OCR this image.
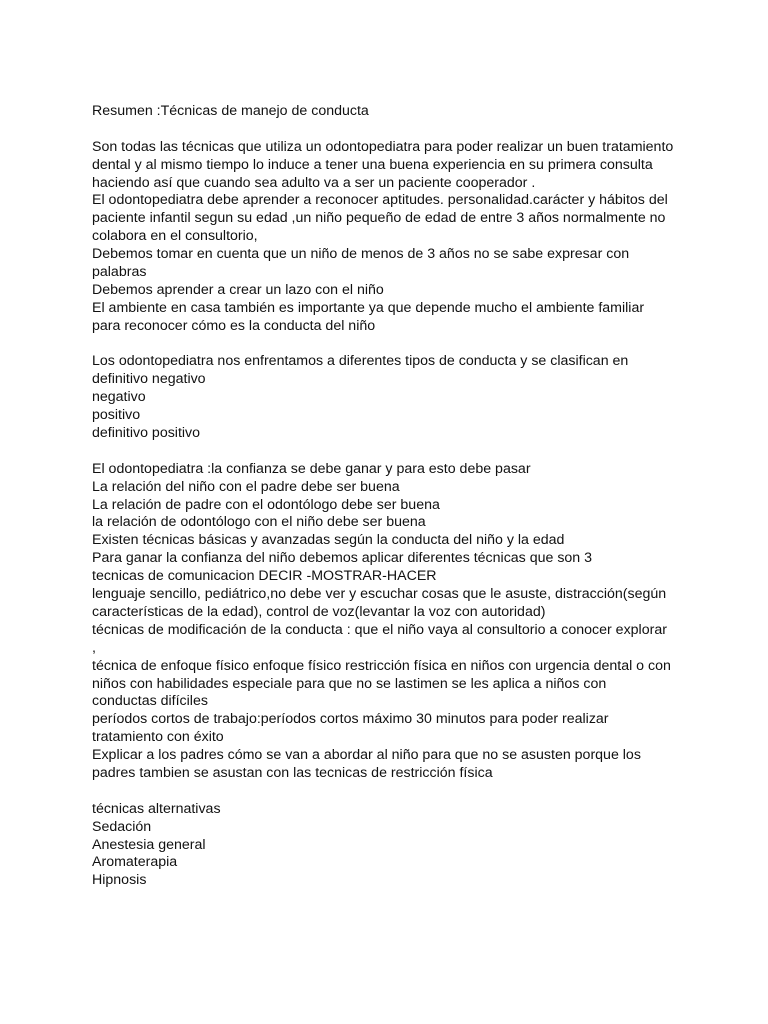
Resumen :Técnicas de manejo de conducta
Son todas las técnicas que utiliza un odontopediatra para poder realizar un buen tratamiento
dental y al mismo tiempo lo induce a tener una buena experiencia en su primera consulta
haciendo así que cuando sea adulto va a ser un paciente cooperador .
El odontopediatra debe aprender a reconocer aptitudes. personalidad.carácter y hábitos del
paciente infantil segun su edad ,un niño pequeño de edad de entre 3 años normalmente no
colabora en el consultorio,
Debemos tomar en cuenta que un niño de menos de 3 años no se sabe expresar con
palabras
Debemos aprender a crear un lazo con el niño
El ambiente en casa también es importante ya que depende mucho el ambiente familiar
para reconocer cómo es la conducta del niño
Los odontopediatra nos enfrentamos a diferentes tipos de conducta y se clasifican en
definitivo negativo
negativo
positivo
definitivo positivo
El odontopediatra :la confianza se debe ganar y para esto debe pasar
La relación del niño con el padre debe ser buena
La relación de padre con el odontólogo debe ser buena
la relación de odontólogo con el niño debe ser buena
Existen técnicas básicas y avanzadas según la conducta del niño y la edad
Para ganar la confianza del niño debemos aplicar diferentes técnicas que son 3
tecnicas de comunicacion DECIR -MOSTRAR-HACER
lenguaje sencillo, pediátrico,no debe ver y escuchar cosas que le asuste, distracción(según
características de la edad), control de voz(levantar la voz con autoridad)
técnicas de modificación de la conducta : que el niño vaya al consultorio a conocer explorar
,
técnica de enfoque físico enfoque físico restricción física en niños con urgencia dental o con
niños con habilidades especiale para que no se lastimen se les aplica a niños con
conductas difíciles
períodos cortos de trabajo:períodos cortos máximo 30 minutos para poder realizar
tratamiento con éxito
Explicar a los padres cómo se van a abordar al niño para que no se asusten porque los
padres tambien se asustan con las tecnicas de restricción física
técnicas alternativas
Sedación
Anestesia general
Aromaterapia
Hipnosis
